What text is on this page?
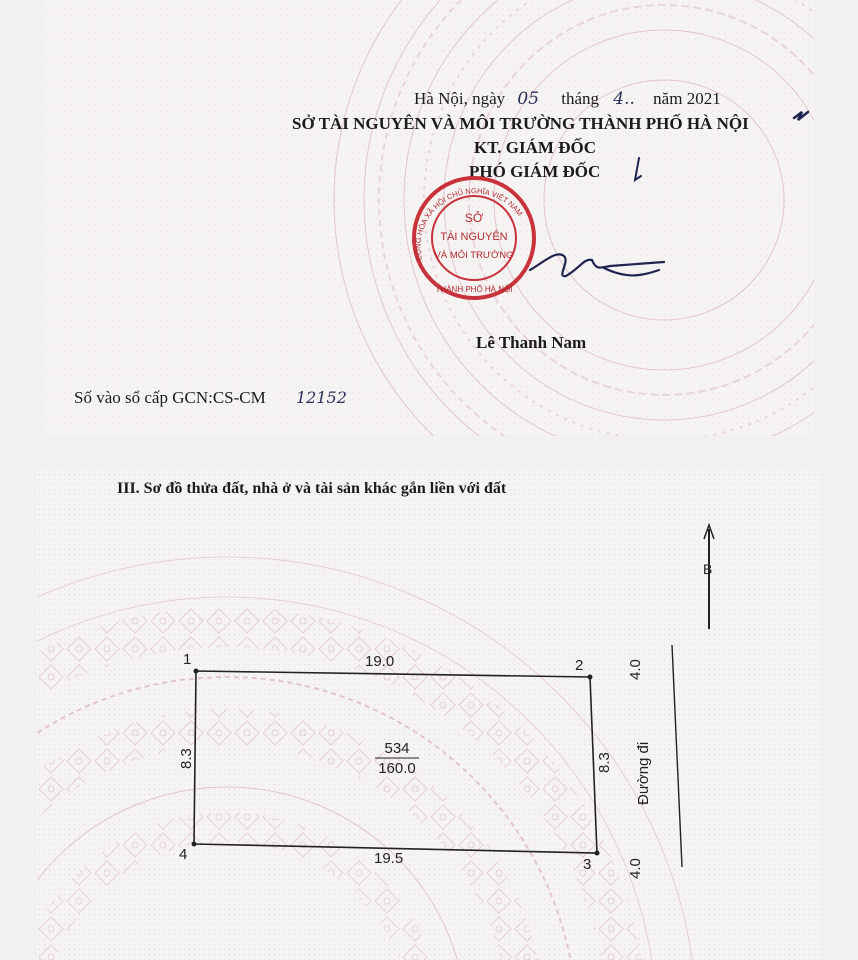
Hà Nội, ngày 05 tháng 4.. năm 2021
SỞ TÀI NGUYÊN VÀ MÔI TRƯỜNG THÀNH PHỐ HÀ NỘI
KT. GIÁM ĐỐC
PHÓ GIÁM ĐỐC
SỞ
TÀI NGUYÊN
VÀ MÔI TRƯỜNG
CỘNG HÒA XÃ HỘI CHỦ NGHĨA VIỆT NAM
THÀNH PHỐ HÀ NỘI
Lê Thanh Nam
Số vào sổ cấp GCN:CS-CM 12152
III. Sơ đồ thửa đất, nhà ở và tài sản khác gắn liền với đất
1	2
3
4
19.0
19.5
534
160.0
8.3	8.3
4.0
4.0
Đường đi
B
